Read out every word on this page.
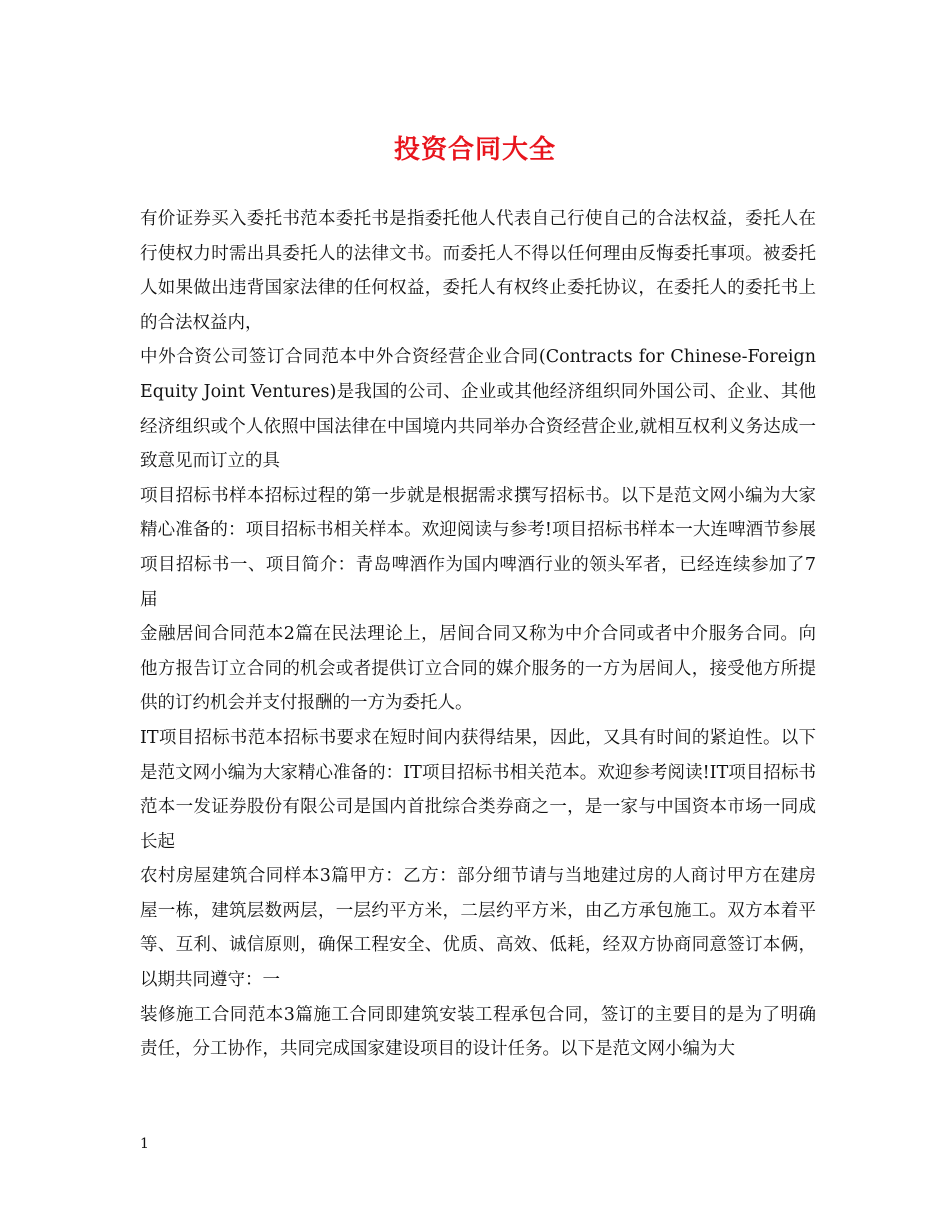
投资合同大全

有价证券买入委托书范本委托书是指委托他人代表自己行使自己的合法权益，委托人在行使权力时需出具委托人的法律文书。而委托人不得以任何理由反悔委托事项。被委托人如果做出违背国家法律的任何权益，委托人有权终止委托协议，在委托人的委托书上的合法权益内，

中外合资公司签订合同范本中外合资经营企业合同(Contracts for Chinese-Foreign Equity Joint Ventures)是我国的公司、企业或其他经济组织同外国公司、企业、其他经济组织或个人依照中国法律在中国境内共同举办合资经营企业,就相互权利义务达成一致意见而订立的具

项目招标书样本招标过程的第一步就是根据需求撰写招标书。以下是范文网小编为大家精心准备的：项目招标书相关样本。欢迎阅读与参考!项目招标书样本一大连啤酒节参展项目招标书一、项目简介：青岛啤酒作为国内啤酒行业的领头军者，已经连续参加了7届

金融居间合同范本2篇在民法理论上，居间合同又称为中介合同或者中介服务合同。向他方报告订立合同的机会或者提供订立合同的媒介服务的一方为居间人，接受他方所提供的订约机会并支付报酬的一方为委托人。

IT项目招标书范本招标书要求在短时间内获得结果，因此，又具有时间的紧迫性。以下是范文网小编为大家精心准备的：IT项目招标书相关范本。欢迎参考阅读!IT项目招标书范本一发证券股份有限公司是国内首批综合类券商之一，是一家与中国资本市场一同成长起

农村房屋建筑合同样本3篇甲方：乙方：部分细节请与当地建过房的人商讨甲方在建房屋一栋，建筑层数两层，一层约平方米，二层约平方米，由乙方承包施工。双方本着平等、互利、诚信原则，确保工程安全、优质、高效、低耗，经双方协商同意签订本俩，以期共同遵守：一

装修施工合同范本3篇施工合同即建筑安装工程承包合同，签订的主要目的是为了明确责任，分工协作，共同完成国家建设项目的设计任务。以下是范文网小编为大

1
